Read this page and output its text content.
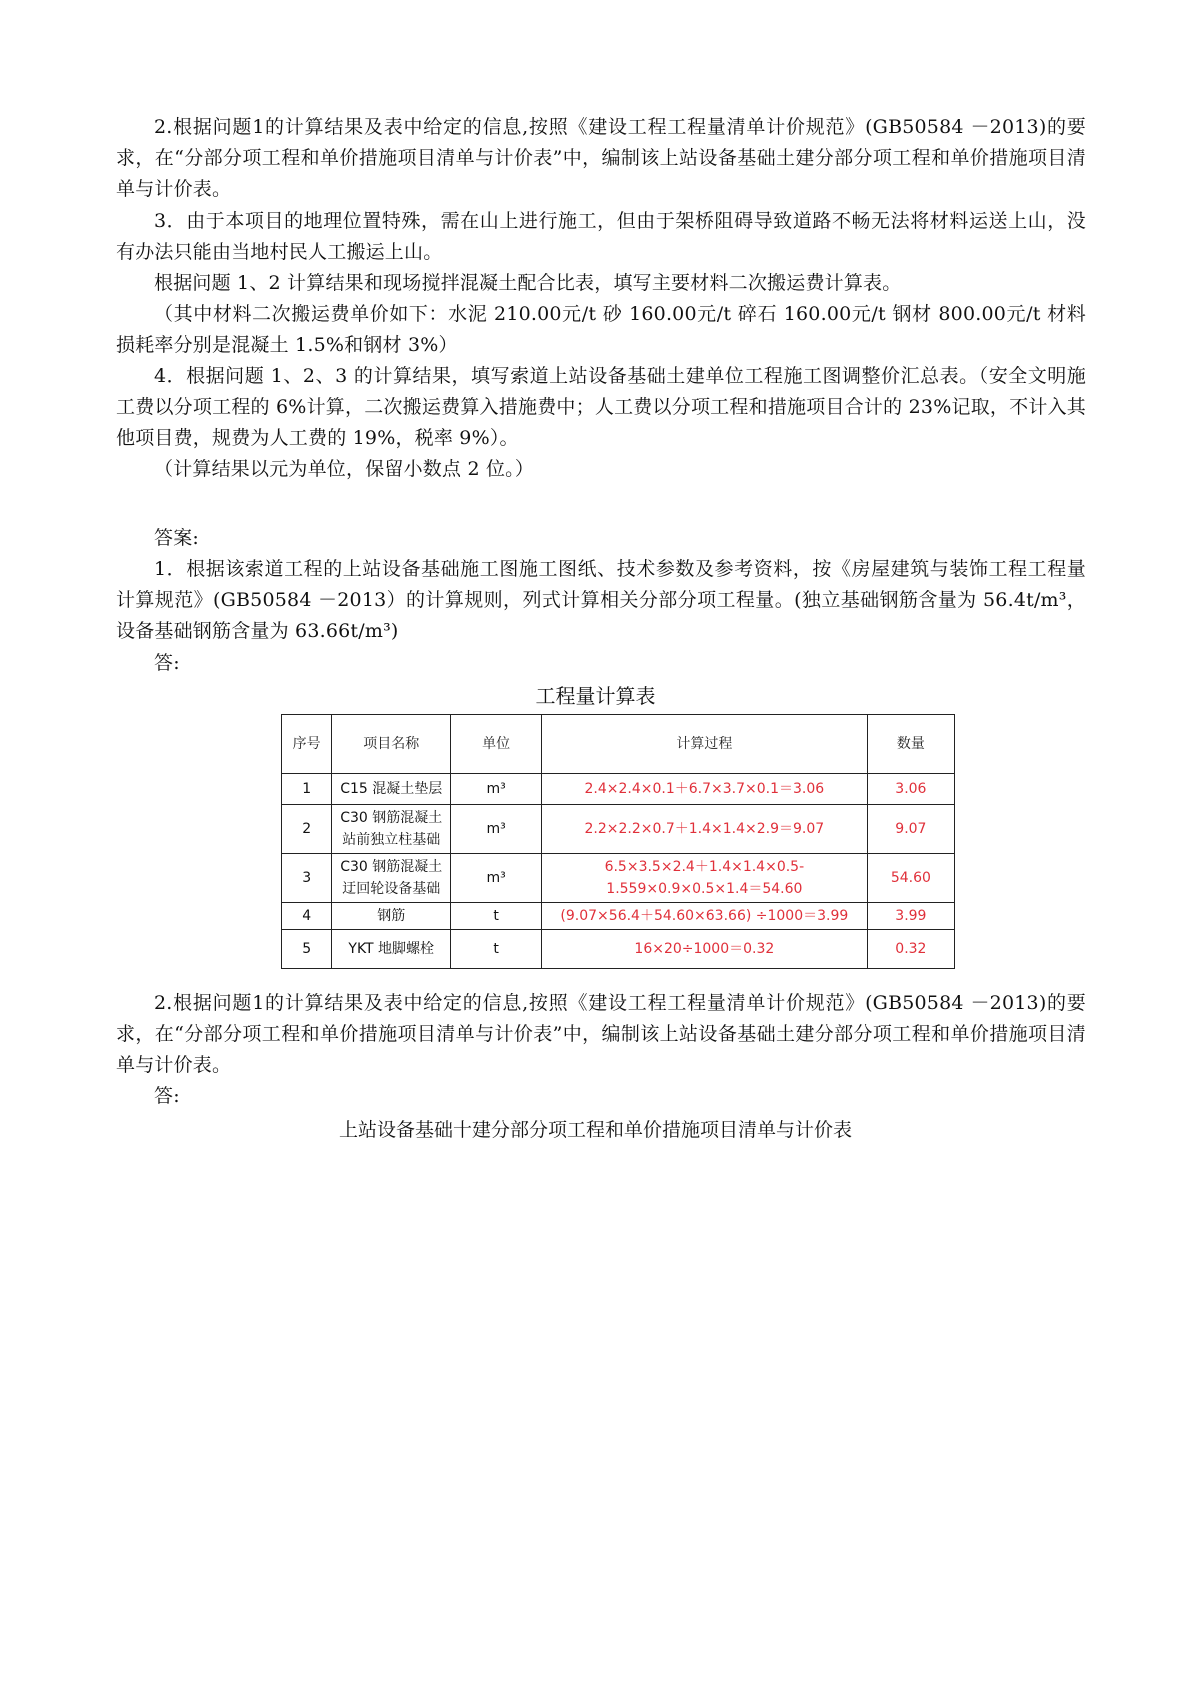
2.根据问题1的计算结果及表中给定的信息,按照《建设工程工程量清单计价规范》(GB50584 －2013)的要求，在“分部分项工程和单价措施项目清单与计价表”中，编制该上站设备基础土建分部分项工程和单价措施项目清单与计价表。

3．由于本项目的地理位置特殊，需在山上进行施工，但由于架桥阻碍导致道路不畅无法将材料运送上山，没有办法只能由当地村民人工搬运上山。

根据问题 1、2 计算结果和现场搅拌混凝土配合比表，填写主要材料二次搬运费计算表。

（其中材料二次搬运费单价如下：水泥 210.00元/t 砂 160.00元/t 碎石 160.00元/t 钢材 800.00元/t 材料损耗率分别是混凝土 1.5%和钢材 3%）

4．根据问题 1、2、3 的计算结果，填写索道上站设备基础土建单位工程施工图调整价汇总表。（安全文明施工费以分项工程的 6%计算，二次搬运费算入措施费中；人工费以分项工程和措施项目合计的 23%记取，不计入其他项目费，规费为人工费的 19%，税率 9%）。

（计算结果以元为单位，保留小数点 2 位。）

答案:

1．根据该索道工程的上站设备基础施工图施工图纸、技术参数及参考资料，按《房屋建筑与装饰工程工程量计算规范》(GB50584 －2013）的计算规则，列式计算相关分部分项工程量。(独立基础钢筋含量为 56.4t/m³，设备基础钢筋含量为 63.66t/m³)

答:

工程量计算表

序号	项目名称	单位	计算过程	数量
1	C15 混凝土垫层	m³	2.4×2.4×0.1＋6.7×3.7×0.1＝3.06	3.06
2	C30 钢筋混凝土站前独立柱基础	m³	2.2×2.2×0.7＋1.4×1.4×2.9＝9.07	9.07
3	C30 钢筋混凝土迂回轮设备基础	m³	6.5×3.5×2.4＋1.4×1.4×0.5-1.559×0.9×0.5×1.4＝54.60	54.60
4	钢筋	t	(9.07×56.4＋54.60×63.66) ÷1000＝3.99	3.99
5	YKT 地脚螺栓	t	16×20÷1000＝0.32	0.32

2.根据问题1的计算结果及表中给定的信息,按照《建设工程工程量清单计价规范》(GB50584 －2013)的要求，在“分部分项工程和单价措施项目清单与计价表”中，编制该上站设备基础土建分部分项工程和单价措施项目清单与计价表。

答:

上站设备基础十建分部分项工程和单价措施项目清单与计价表
